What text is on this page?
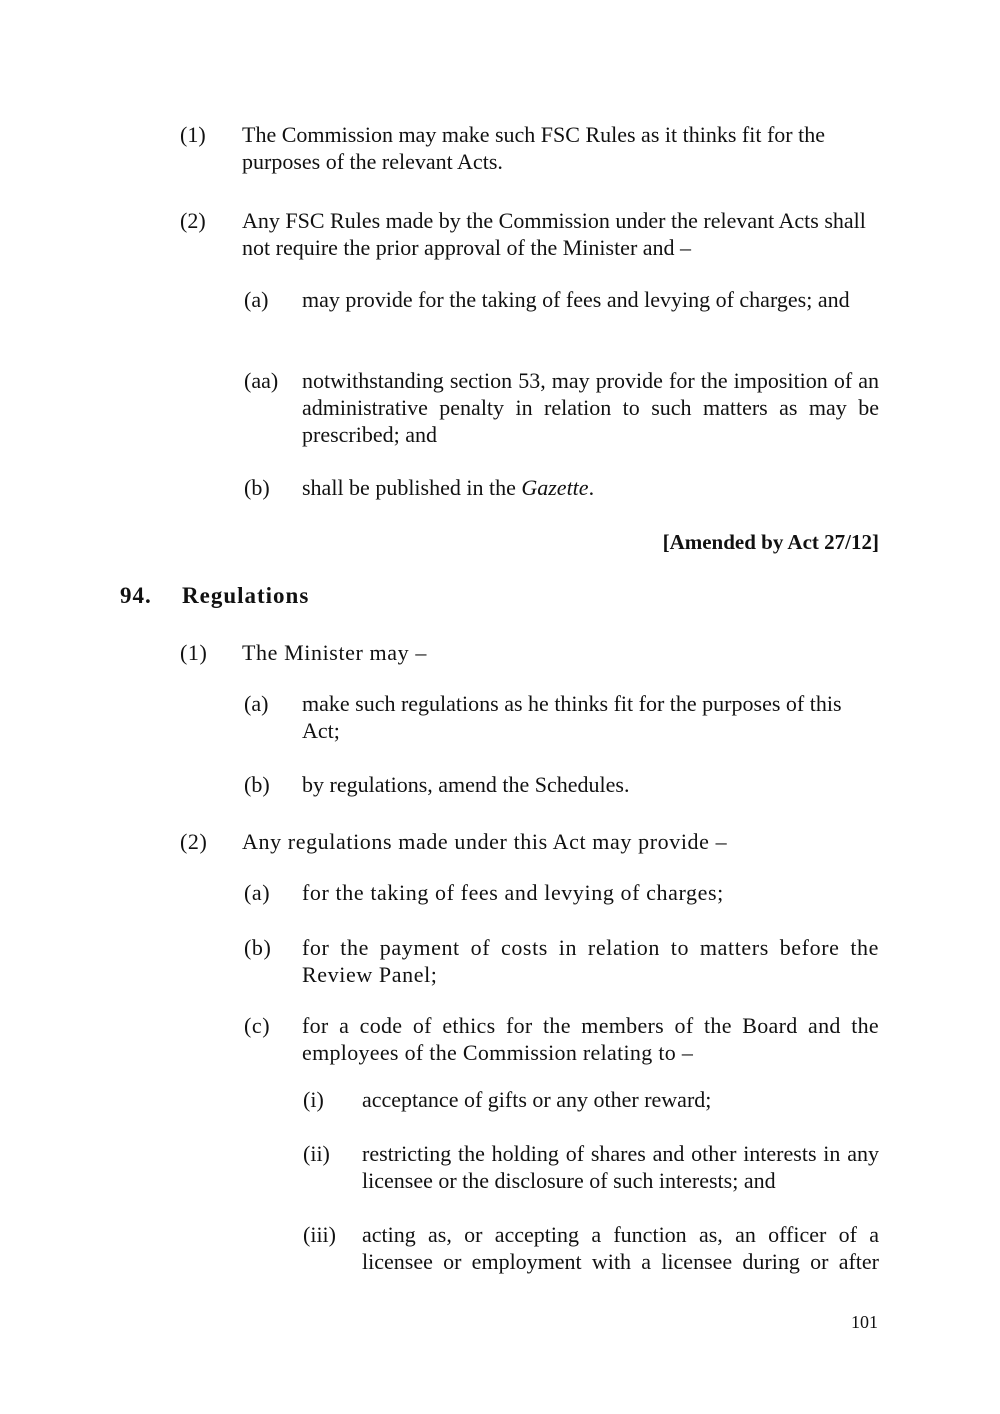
(1) The Commission may make such FSC Rules as it thinks fit for the purposes of the relevant Acts.
(2) Any FSC Rules made by the Commission under the relevant Acts shall not require the prior approval of the Minister and –
(a) may provide for the taking of fees and levying of charges; and
(aa) notwithstanding section 53, may provide for the imposition of an administrative penalty in relation to such matters as may be prescribed; and
(b) shall be published in the Gazette.
[Amended by Act 27/12]
94. Regulations
(1) The Minister may –
(a) make such regulations as he thinks fit for the purposes of this Act;
(b) by regulations, amend the Schedules.
(2) Any regulations made under this Act may provide –
(a) for the taking of fees and levying of charges;
(b) for the payment of costs in relation to matters before the Review Panel;
(c) for a code of ethics for the members of the Board and the employees of the Commission relating to –
(i) acceptance of gifts or any other reward;
(ii) restricting the holding of shares and other interests in any licensee or the disclosure of such interests; and
(iii) acting as, or accepting a function as, an officer of a licensee or employment with a licensee during or after
101
